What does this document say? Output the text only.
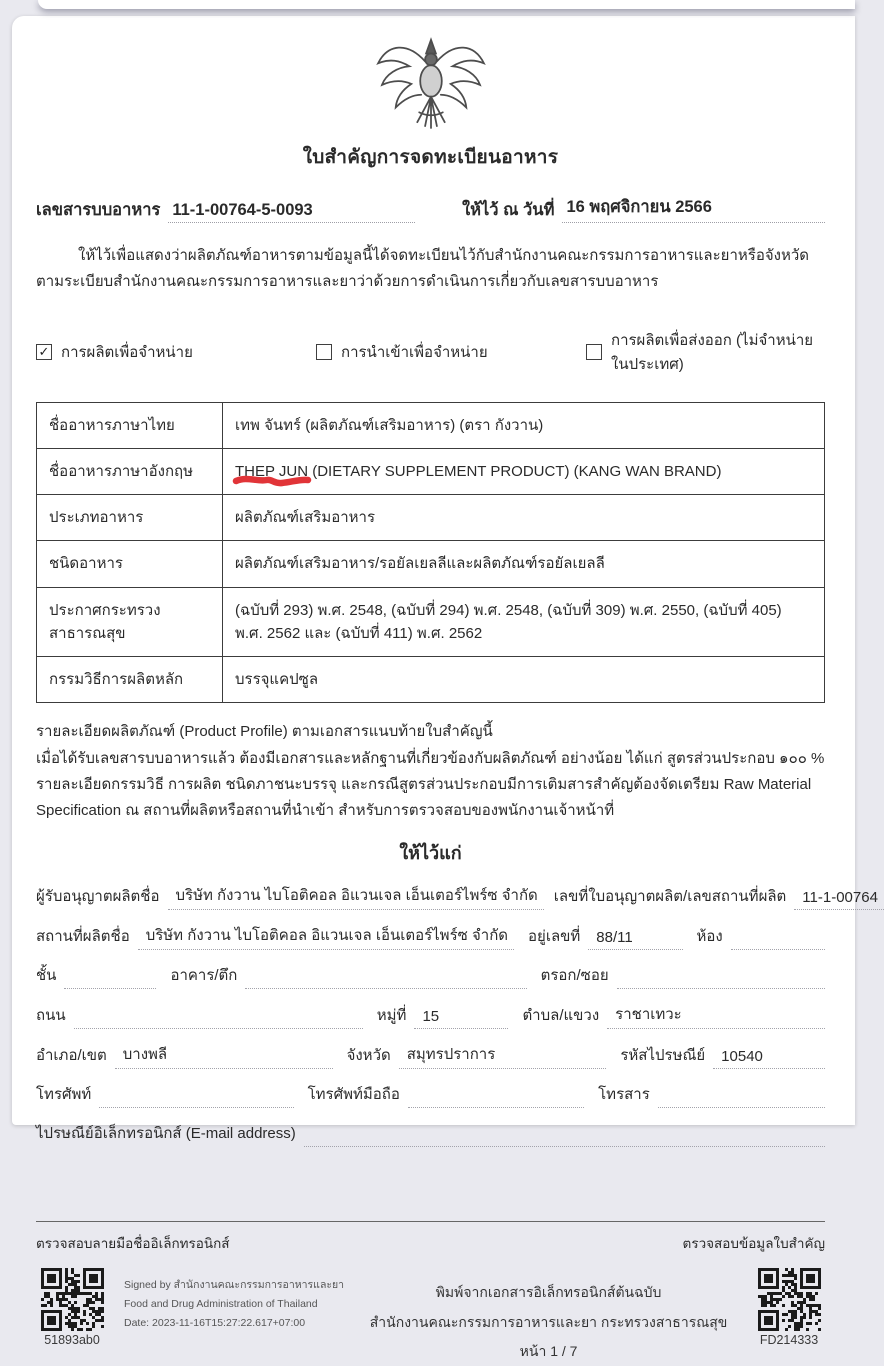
ใบสำคัญการจดทะเบียนอาหาร
เลขสารบบอาหาร 11-1-00764-5-0093	ให้ไว้ ณ วันที่ 16 พฤศจิกายน 2566
ให้ไว้เพื่อแสดงว่าผลิตภัณฑ์อาหารตามข้อมูลนี้ได้จดทะเบียนไว้กับสำนักงานคณะกรรมการอาหารและยาหรือจังหวัด
ตามระเบียบสำนักงานคณะกรรมการอาหารและยาว่าด้วยการดำเนินการเกี่ยวกับเลขสารบบอาหาร
✓
การผลิตเพื่อจำหน่าย	การนำเข้าเพื่อจำหน่าย
การผลิตเพื่อส่งออก (ไม่จำหน่ายในประเทศ)
ชื่ออาหารภาษาไทย	เทพ จันทร์ (ผลิตภัณฑ์เสริมอาหาร) (ตรา กังวาน)
ชื่ออาหารภาษาอังกฤษ	THEP JUN (DIETARY SUPPLEMENT PRODUCT) (KANG WAN BRAND)

ประเภทอาหาร	ผลิตภัณฑ์เสริมอาหาร
ชนิดอาหาร	ผลิตภัณฑ์เสริมอาหาร/รอยัลเยลลีและผลิตภัณฑ์รอยัลเยลลี
ประกาศกระทรวงสาธารณสุข	(ฉบับที่ 293) พ.ศ. 2548, (ฉบับที่ 294) พ.ศ. 2548, (ฉบับที่ 309) พ.ศ. 2550, (ฉบับที่ 405) พ.ศ. 2562 และ (ฉบับที่ 411) พ.ศ. 2562
กรรมวิธีการผลิตหลัก	บรรจุแคปซูล
รายละเอียดผลิตภัณฑ์ (Product Profile) ตามเอกสารแนบท้ายใบสำคัญนี้
เมื่อได้รับเลขสารบบอาหารแล้ว ต้องมีเอกสารและหลักฐานที่เกี่ยวข้องกับผลิตภัณฑ์ อย่างน้อย ได้แก่ สูตรส่วนประกอบ ๑๐๐ % รายละเอียดกรรมวิธี การผลิต ชนิดภาชนะบรรจุ และกรณีสูตรส่วนประกอบมีการเติมสารสำคัญต้องจัดเตรียม Raw Material Specification ณ สถานที่ผลิตหรือสถานที่นำเข้า สำหรับการตรวจสอบของพนักงานเจ้าหน้าที่
ให้ไว้แก่
ผู้รับอนุญาตผลิตชื่อ	บริษัท กังวาน ไบโอติคอล อิแวนเจล เอ็นเตอร์ไพร์ซ จำกัด	เลขที่ใบอนุญาตผลิต/เลขสถานที่ผลิต	11-1-00764
สถานที่ผลิตชื่อ	บริษัท กังวาน ไบโอติคอล อิแวนเจล เอ็นเตอร์ไพร์ซ จำกัด	อยู่เลขที่	88/11	ห้อง
ชั้น	อาคาร/ตึก	ตรอก/ซอย
ถนน	หมู่ที่	15	ตำบล/แขวง	ราชาเทวะ
อำเภอ/เขต	บางพลี	จังหวัด	สมุทรปราการ	รหัสไปรษณีย์	10540
โทรศัพท์	โทรศัพท์มือถือ	โทรสาร
ไปรษณีย์อิเล็กทรอนิกส์ (E-mail address)
ตรวจสอบลายมือชื่ออิเล็กทรอนิกส์	ตรวจสอบข้อมูลใบสำคัญ
51893ab0
Signed by สำนักงานคณะกรรมการอาหารและยา
Food and Drug Administration of Thailand
Date: 2023-11-16T15:27:22.617+07:00
พิมพ์จากเอกสารอิเล็กทรอนิกส์ต้นฉบับ
สำนักงานคณะกรรมการอาหารและยา กระทรวงสาธารณสุข
หน้า 1 / 7
FD214333
